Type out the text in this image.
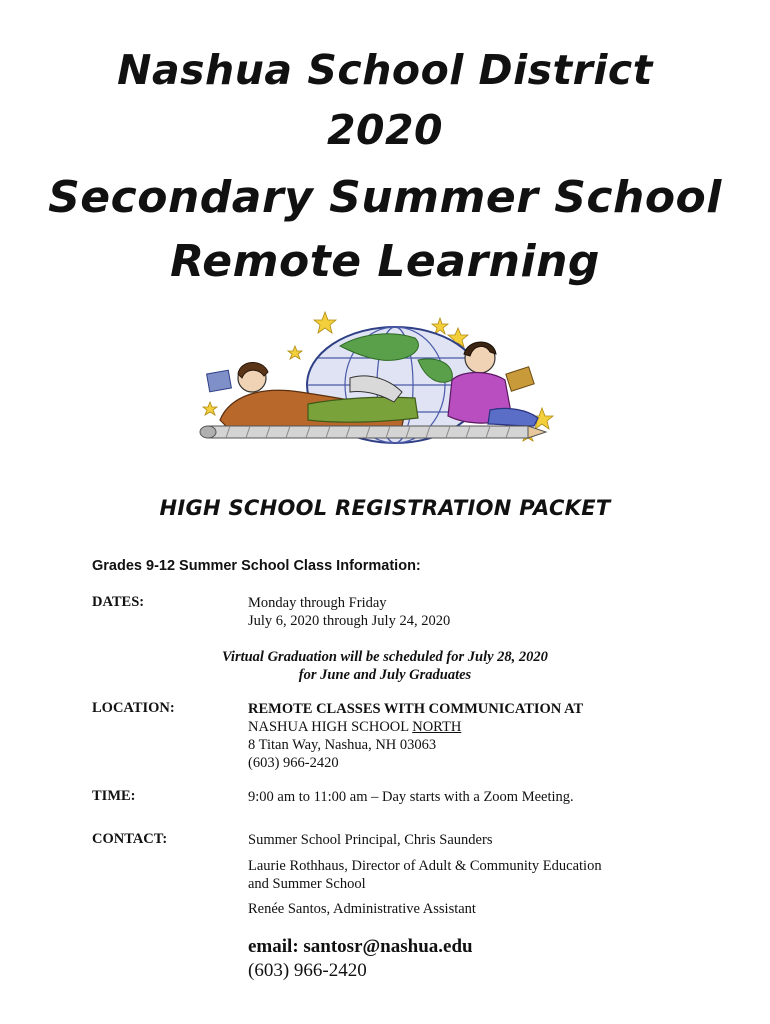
Nashua School District
2020
Secondary Summer School
Remote Learning
HIGH SCHOOL REGISTRATION PACKET
Grades 9-12 Summer School Class Information:
DATES:	Monday through Friday
July 6, 2020 through July 24, 2020
Virtual Graduation will be scheduled for July 28, 2020
for June and July Graduates
LOCATION:	REMOTE CLASSES WITH COMMUNICATION AT
NASHUA HIGH SCHOOL NORTH
8 Titan Way, Nashua, NH 03063
(603) 966-2420
TIME:	9:00 am to 11:00 am – Day starts with a Zoom Meeting.
CONTACT:	Summer School Principal, Chris Saunders
Laurie Rothhaus, Director of Adult & Community Education
and Summer School
Renée Santos, Administrative Assistant
email: santosr@nashua.edu
(603) 966-2420
